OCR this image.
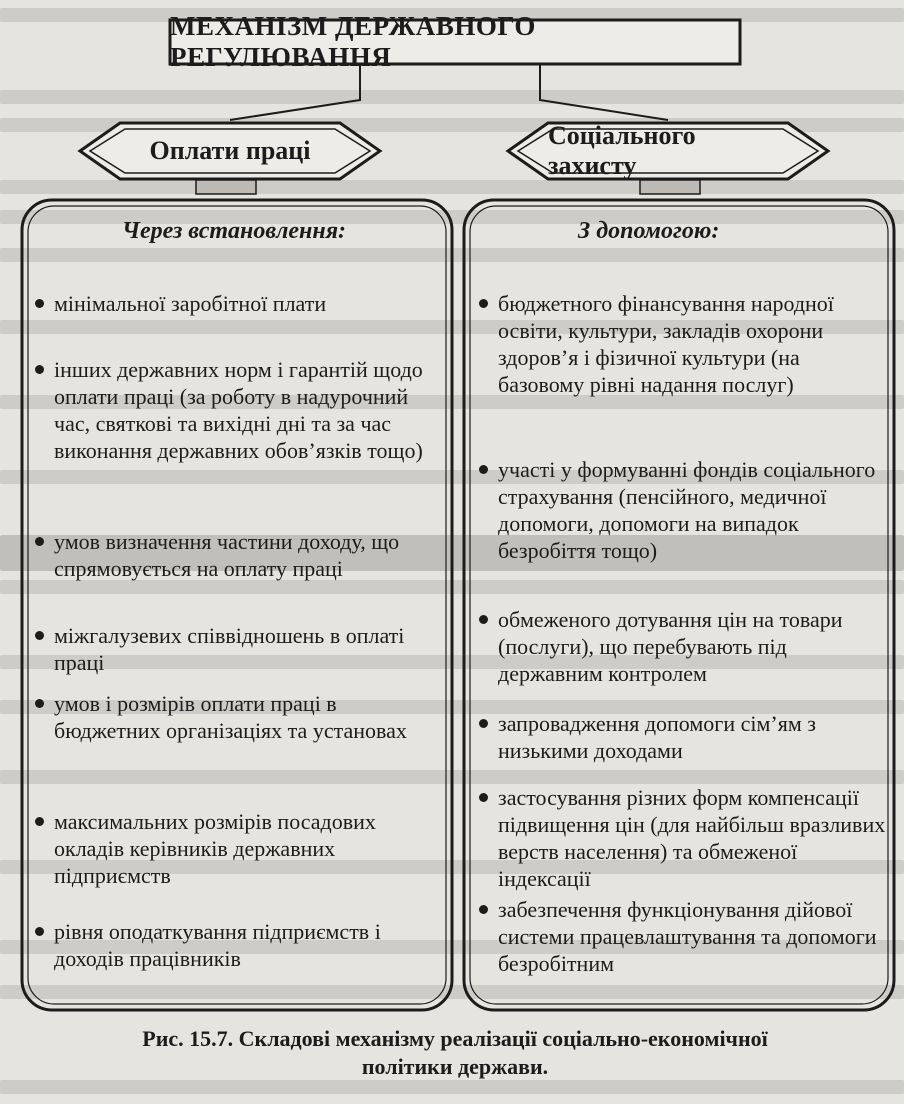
МЕХАНІЗМ ДЕРЖАВНОГО РЕГУЛЮВАННЯ
Оплати праці
Соціального захисту
Через встановлення:	З допомогою:
мінімальної заробітної плати
інших державних норм і гарантій щодо оплати праці (за роботу в надурочний час, святкові та вихідні дні та за час виконання державних обов’язків тощо)
умов визначення частини доходу, що спрямовується на оплату праці
міжгалузевих співвідношень в оплаті праці
умов і розмірів оплати праці в бюджетних організаціях та установах
максимальних розмірів посадових окладів керівників державних підприємств
рівня оподаткування підприємств і доходів працівників
бюджетного фінансування народної освіти, культури, закладів охорони здоров’я і фізичної культури (на базовому рівні надання послуг)
участі у формуванні фондів соціального страхування (пенсійного, медичної допомоги, допомоги на випадок безробіття тощо)
обмеженого дотування цін на товари (послуги), що перебувають під державним контролем
запровадження допомоги сім’ям з низькими доходами
застосування різних форм компенсації підвищення цін (для найбільш вразливих верств населення) та обмеженої індексації
забезпечення функціонування дійової системи працевлаштування та допомоги безробітним
Рис. 15.7. Складові механізму реалізації соціально-економічної
політики держави.
